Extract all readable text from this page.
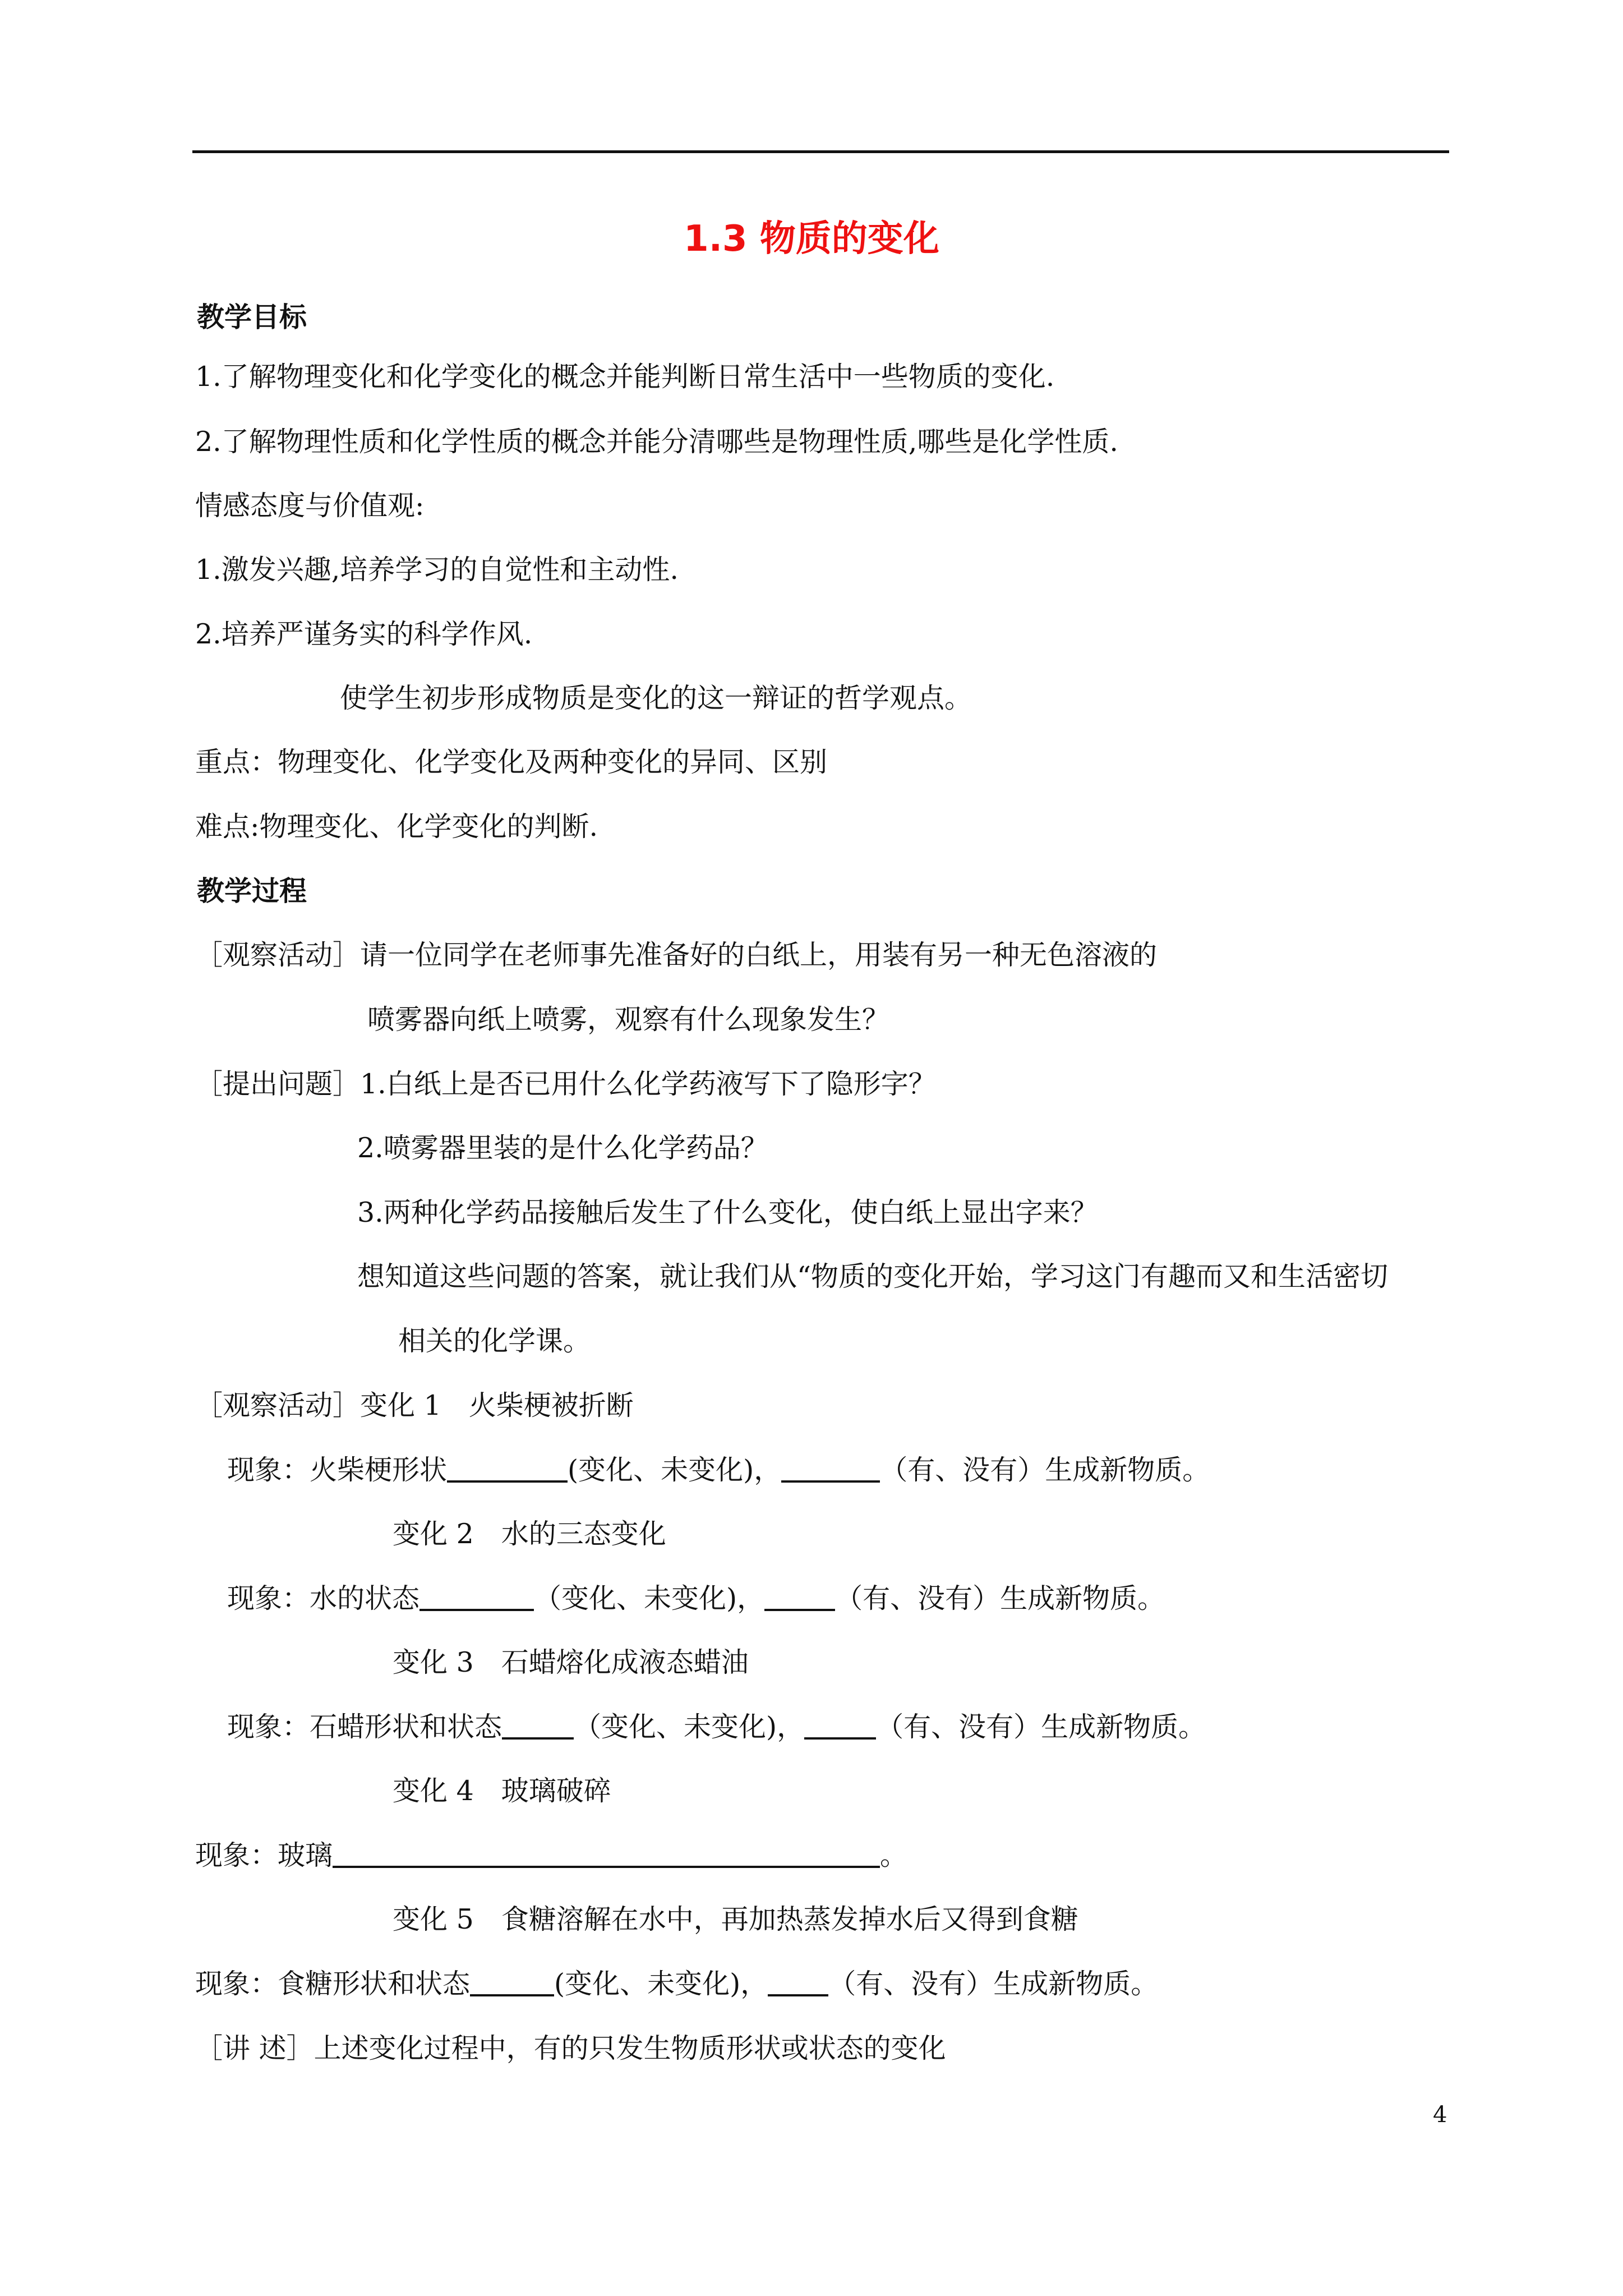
1.3 物质的变化
教学目标
1.了解物理变化和化学变化的概念并能判断日常生活中一些物质的变化.
2.了解物理性质和化学性质的概念并能分清哪些是物理性质,哪些是化学性质.
情感态度与价值观:
1.激发兴趣,培养学习的自觉性和主动性.
2.培养严谨务实的科学作风.
使学生初步形成物质是变化的这一辩证的哲学观点。
重点：物理变化、化学变化及两种变化的异同、区别
难点:物理变化、化学变化的判断.
教学过程
［观察活动］请一位同学在老师事先准备好的白纸上，用装有另一种无色溶液的
喷雾器向纸上喷雾，观察有什么现象发生？
［提出问题］1.白纸上是否已用什么化学药液写下了隐形字？
2.喷雾器里装的是什么化学药品？
3.两种化学药品接触后发生了什么变化，使白纸上显出字来？
想知道这些问题的答案，就让我们从“物质的变化开始，学习这门有趣而又和生活密切
相关的化学课。
［观察活动］变化 1　火柴梗被折断
现象：火柴梗形状	(变化、未变化)，	（有、没有）生成新物质。
变化 2　水的三态变化
现象：水的状态	（变化、未变化)，	（有、没有）生成新物质。
变化 3　石蜡熔化成液态蜡油
现象：石蜡形状和状态	（变化、未变化)，	（有、没有）生成新物质。
变化 4　玻璃破碎
现象：玻璃	。
变化 5　食糖溶解在水中，再加热蒸发掉水后又得到食糖
现象：食糖形状和状态	(变化、未变化)， （有、没有）生成新物质。
［讲 述］上述变化过程中，有的只发生物质形状或状态的变化
4
